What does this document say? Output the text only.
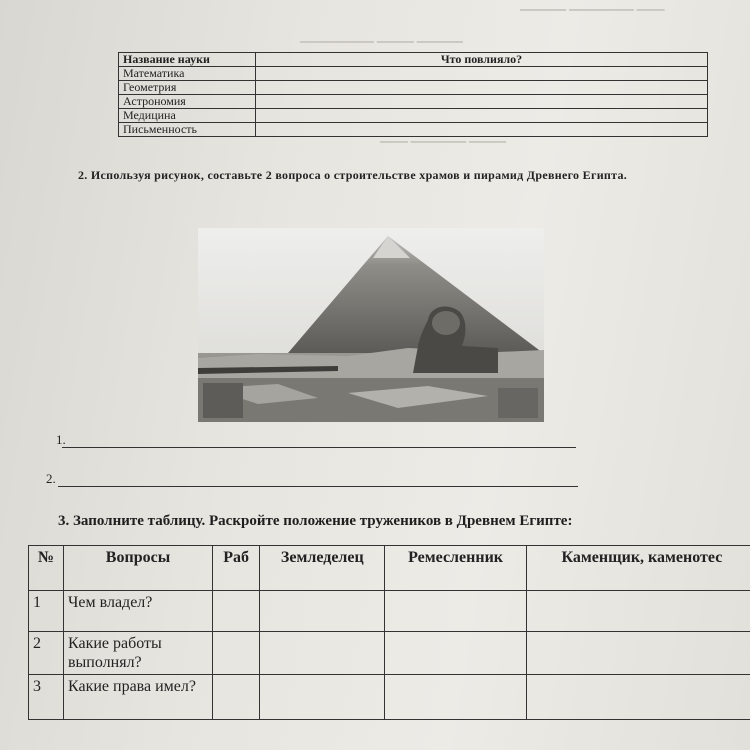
▁▁▁ ▁▁▁▁▁▁▁ ▁▁▁▁▁
▁▁▁▁▁ ▁▁▁▁ ▁▁▁▁▁▁▁▁
▁▁▁▁ ▁▁▁▁▁▁ ▁▁▁
Название науки	Что повлияло?
Математика	
Геометрия	
Астрономия	
Медицина	
Письменность	
2. Используя рисунок, составьте 2 вопроса о строительстве храмов и пирамид Древнего Египта.
1.
2.
3. Заполните таблицу. Раскройте положение тружеников в Древнем Египте:
№	Вопросы	Раб	Земледелец	Ремесленник	Каменщик, каменотес
1	Чем владел?				
2	Какие работы выполнял?				
3	Какие права имел?				
